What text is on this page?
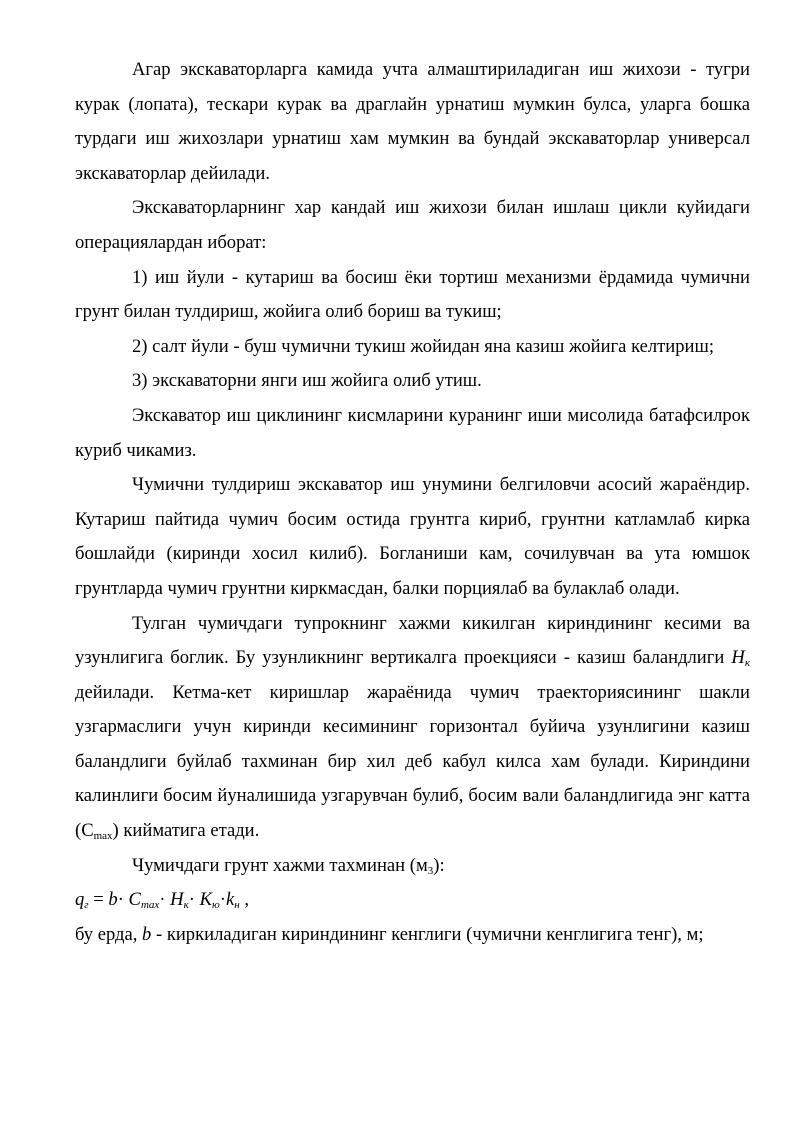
Агар экскаваторларга камида учта алмаштириладиган иш жихози - тугри курак (лопата), тескари курак ва драглайн урнатиш мумкин булса, уларга бошка турдаги иш жихозлари урнатиш хам мумкин ва бундай экскаваторлар универсал экскаваторлар дейилади.

Экскаваторларнинг хар кандай иш жихози билан ишлаш цикли куйидаги операциялардан иборат:

1) иш йули - кутариш ва босиш ёки тортиш механизми ёрдамида чумични грунт билан тулдириш, жойига олиб бориш ва тукиш;

2) салт йули - буш чумични тукиш жойидан яна казиш жойига келтириш;

3) экскаваторни янги иш жойига олиб утиш.

Экскаватор иш циклининг кисмларини куранинг иши мисолида батафсилрок куриб чикамиз.

Чумични тулдириш экскаватор иш унумини белгиловчи асосий жараёндир. Кутариш пайтида чумич босим остида грунтга кириб, грунтни катламлаб кирка бошлайди (киринди хосил килиб). Богланиши кам, сочилувчан ва ута юмшок грунтларда чумич грунтни киркмасдан, балки порциялаб ва булаклаб олади.

Тулган чумичдаги тупрокнинг хажми кикилган кириндининг кесими ва узунлигига боглик. Бу узунликнинг вертикалга проекцияси - казиш баландлиги $H_к$ дейилади. Кетма-кет киришлар жараёнида чумич траекториясининг шакли узгармаслиги учун киринди кесимининг горизонтал буйича узунлигини казиш баландлиги буйлаб тахминан бир хил деб кабул килса хам булади. Кириндини калинлиги босим йуналишида узгарувчан булиб, босим вали баландлигида энг катта $(С_{max})$ кийматига етади.

Чумичдаги грунт хажми тахминан $(м_3)$:

$q_г = b\cdot C_{max}\cdot H_к\cdot K_ю\cdot k_н$ ,

бу ерда, b - киркиладиган кириндининг кенглиги (чумични кенглигига тенг), м;
